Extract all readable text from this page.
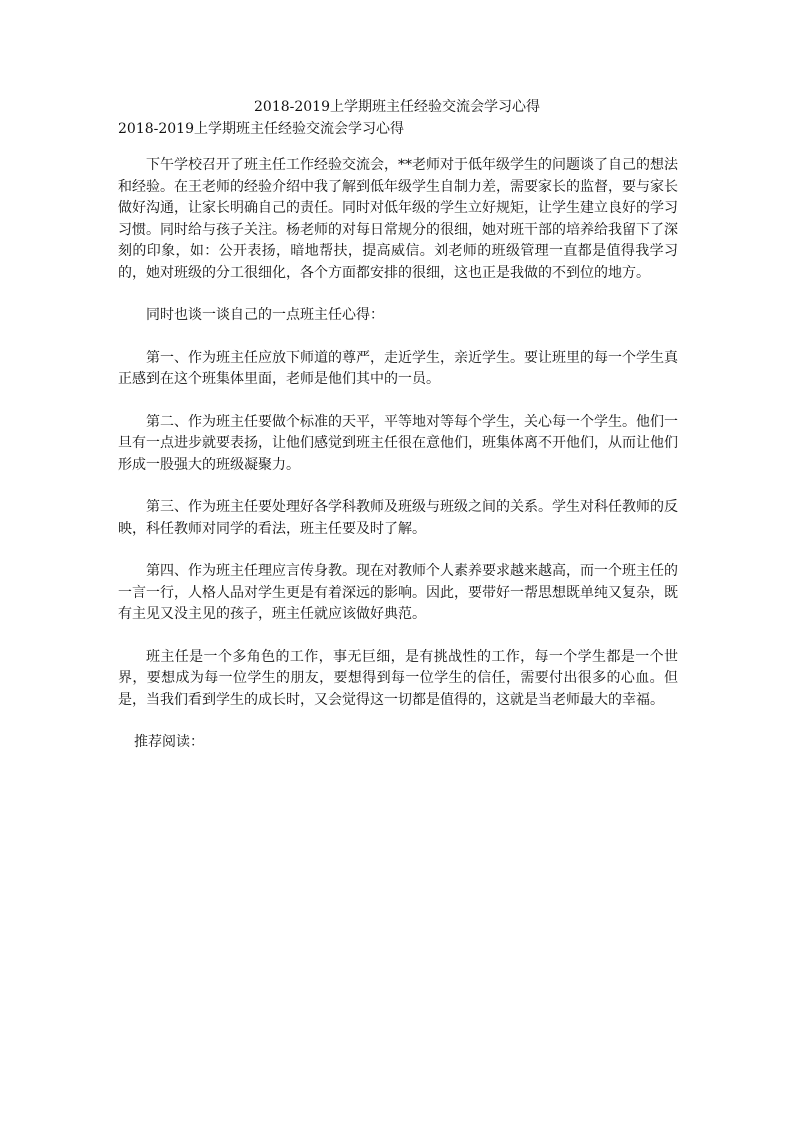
2018-2019上学期班主任经验交流会学习心得
2018-2019上学期班主任经验交流会学习心得

下午学校召开了班主任工作经验交流会，**老师对于低年级学生的问题谈了自己的想法和经验。在王老师的经验介绍中我了解到低年级学生自制力差，需要家长的监督，要与家长做好沟通，让家长明确自己的责任。同时对低年级的学生立好规矩，让学生建立良好的学习习惯。同时给与孩子关注。杨老师的对每日常规分的很细，她对班干部的培养给我留下了深刻的印象，如：公开表扬，暗地帮扶，提高威信。刘老师的班级管理一直都是值得我学习的，她对班级的分工很细化，各个方面都安排的很细，这也正是我做的不到位的地方。

同时也谈一谈自己的一点班主任心得：

第一、作为班主任应放下师道的尊严，走近学生，亲近学生。要让班里的每一个学生真正感到在这个班集体里面，老师是他们其中的一员。

第二、作为班主任要做个标准的天平，平等地对等每个学生，关心每一个学生。他们一旦有一点进步就要表扬，让他们感觉到班主任很在意他们，班集体离不开他们，从而让他们形成一股强大的班级凝聚力。

第三、作为班主任要处理好各学科教师及班级与班级之间的关系。学生对科任教师的反映，科任教师对同学的看法，班主任要及时了解。

第四、作为班主任理应言传身教。现在对教师个人素养要求越来越高，而一个班主任的一言一行，人格人品对学生更是有着深远的影响。因此，要带好一帮思想既单纯又复杂，既有主见又没主见的孩子，班主任就应该做好典范。

班主任是一个多角色的工作，事无巨细，是有挑战性的工作，每一个学生都是一个世界，要想成为每一位学生的朋友，要想得到每一位学生的信任，需要付出很多的心血。但是，当我们看到学生的成长时，又会觉得这一切都是值得的，这就是当老师最大的幸福。

推荐阅读：
